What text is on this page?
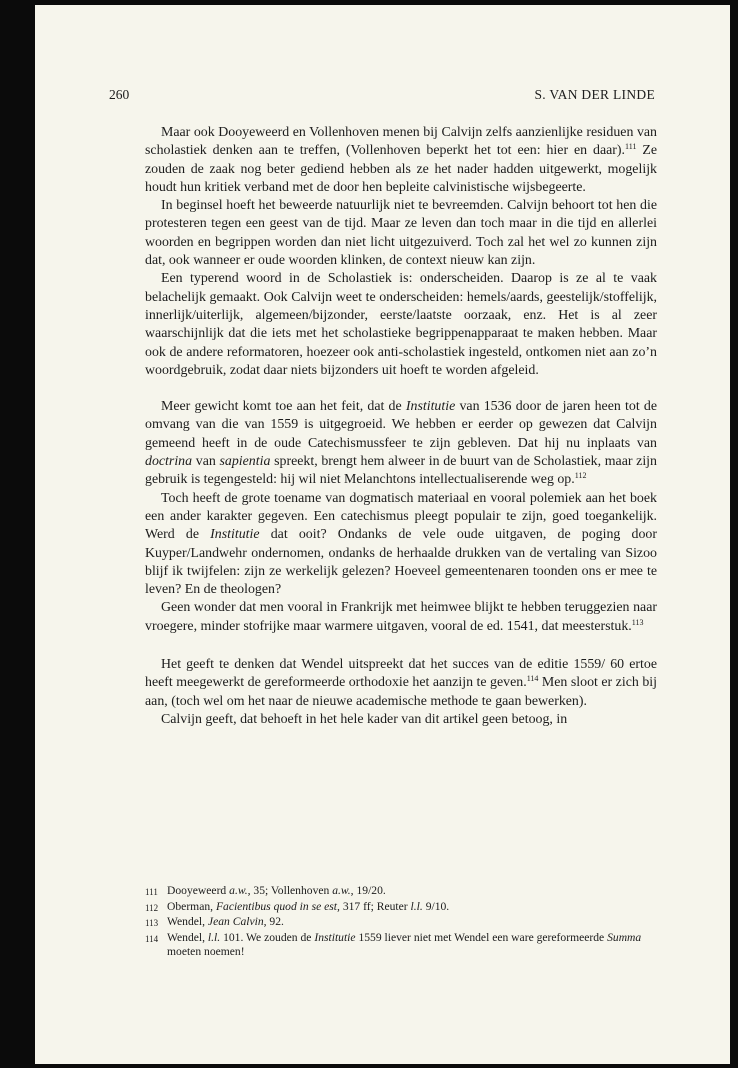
260	S. VAN DER LINDE

Maar ook Dooyeweerd en Vollenhoven menen bij Calvijn zelfs aanzienlijke residuen van scholastiek denken aan te treffen, (Vollenhoven beperkt het tot een: hier en daar).$^{111}$ Ze zouden de zaak nog beter gediend hebben als ze het nader hadden uitgewerkt, mogelijk houdt hun kritiek verband met de door hen bepleite calvinistische wijsbegeerte.

In beginsel hoeft het beweerde natuurlijk niet te bevreemden. Calvijn behoort tot hen die protesteren tegen een geest van de tijd. Maar ze leven dan toch maar in die tijd en allerlei woorden en begrippen worden dan niet licht uitgezuiverd. Toch zal het wel zo kunnen zijn dat, ook wanneer er oude woorden klinken, de context nieuw kan zijn.

Een typerend woord in de Scholastiek is: onderscheiden. Daarop is ze al te vaak belachelijk gemaakt. Ook Calvijn weet te onderscheiden: hemels/aards, geestelijk/stoffelijk, innerlijk/uiterlijk, algemeen/bijzonder, eerste/laatste oorzaak, enz. Het is al zeer waarschijnlijk dat die iets met het scholastieke begrippenapparaat te maken hebben. Maar ook de andere reformatoren, hoezeer ook anti-scholastiek ingesteld, ontkomen niet aan zo’n woordgebruik, zodat daar niets bijzonders uit hoeft te worden afgeleid.

Meer gewicht komt toe aan het feit, dat de Institutie van 1536 door de jaren heen tot de omvang van die van 1559 is uitgegroeid. We hebben er eerder op gewezen dat Calvijn gemeend heeft in de oude Catechismussfeer te zijn gebleven. Dat hij nu inplaats van doctrina van sapientia spreekt, brengt hem alweer in de buurt van de Scholastiek, maar zijn gebruik is tegengesteld: hij wil niet Melanchtons intellectualiserende weg op.$^{112}$

Toch heeft de grote toename van dogmatisch materiaal en vooral polemiek aan het boek een ander karakter gegeven. Een catechismus pleegt populair te zijn, goed toegankelijk. Werd de Institutie dat ooit? Ondanks de vele oude uitgaven, de poging door Kuyper/Landwehr ondernomen, ondanks de herhaalde drukken van de vertaling van Sizoo blijf ik twijfelen: zijn ze werkelijk gelezen? Hoeveel gemeentenaren toonden ons er mee te leven? En de theologen?

Geen wonder dat men vooral in Frankrijk met heimwee blijkt te hebben teruggezien naar vroegere, minder stofrijke maar warmere uitgaven, vooral de ed. 1541, dat meesterstuk.$^{113}$

Het geeft te denken dat Wendel uitspreekt dat het succes van de editie 1559/ 60 ertoe heeft meegewerkt de gereformeerde orthodoxie het aanzijn te geven.$^{114}$ Men sloot er zich bij aan, (toch wel om het naar de nieuwe academische methode te gaan bewerken).

Calvijn geeft, dat behoeft in het hele kader van dit artikel geen betoog, in

111 Dooyeweerd a.w., 35; Vollenhoven a.w., 19/20.
112 Oberman, Facientibus quod in se est, 317 ff; Reuter l.l. 9/10.
113 Wendel, Jean Calvin, 92.
114 Wendel, l.l. 101. We zouden de Institutie 1559 liever niet met Wendel een ware gereformeerde Summa moeten noemen!
